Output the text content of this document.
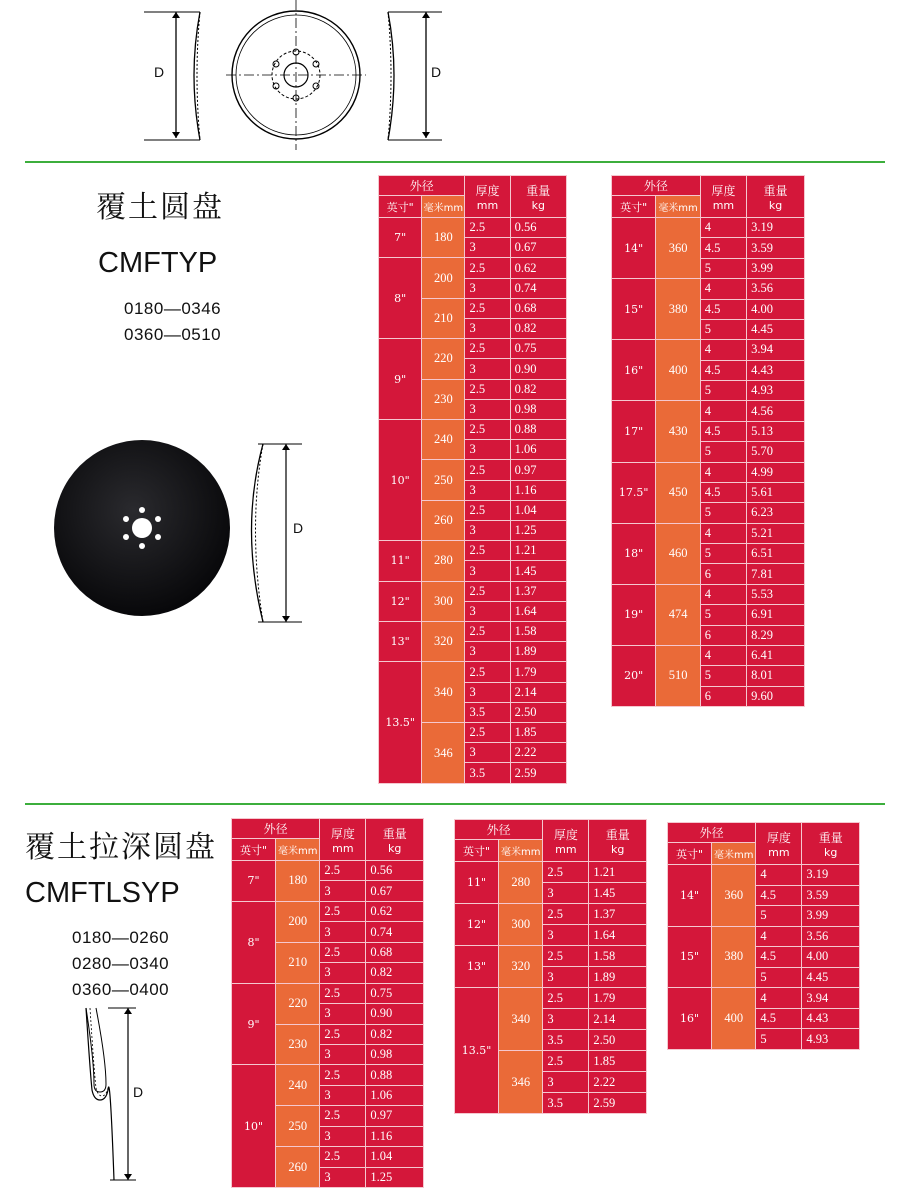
D	D
覆土圆盘
CMFTYP
0180—0346
0360—0510
D
外径		厚度
mm	重量
kg

英寸"	毫米mm		
7"	180	2.5	0.56
		3	0.67
8"	200	2.5	0.62
		3	0.74
	210	2.5	0.68
		3	0.82
9"	220	2.5	0.75
		3	0.90
	230	2.5	0.82
		3	0.98
10"	240	2.5	0.88
		3	1.06
	250	2.5	0.97
		3	1.16
	260	2.5	1.04
		3	1.25
11"	280	2.5	1.21
		3	1.45
12"	300	2.5	1.37
		3	1.64
13"	320	2.5	1.58
		3	1.89
13.5"	340	2.5	1.79
		3	2.14
		3.5	2.50
	346	2.5	1.85
		3	2.22
		3.5	2.59
外径		厚度
mm	重量
kg

英寸"	毫米mm		
14"	360	4	3.19
		4.5	3.59
		5	3.99
15"	380	4	3.56
		4.5	4.00
		5	4.45
16"	400	4	3.94
		4.5	4.43
		5	4.93
17"	430	4	4.56
		4.5	5.13
		5	5.70
17.5"	450	4	4.99
		4.5	5.61
		5	6.23
18"	460	4	5.21
		5	6.51
		6	7.81
19"	474	4	5.53
		5	6.91
		6	8.29
20"	510	4	6.41
		5	8.01
		6	9.60
覆土拉深圆盘
CMFTLSYP
0180—0260
0280—0340
0360—0400
D
外径		厚度
mm	重量
kg

英寸"	毫米mm		
7"	180	2.5	0.56
		3	0.67
8"	200	2.5	0.62
		3	0.74
	210	2.5	0.68
		3	0.82
9"	220	2.5	0.75
		3	0.90
	230	2.5	0.82
		3	0.98
10"	240	2.5	0.88
		3	1.06
	250	2.5	0.97
		3	1.16
	260	2.5	1.04
		3	1.25
外径		厚度
mm	重量
kg

英寸"	毫米mm		
11"	280	2.5	1.21
		3	1.45
12"	300	2.5	1.37
		3	1.64
13"	320	2.5	1.58
		3	1.89
13.5"	340	2.5	1.79
		3	2.14
		3.5	2.50
	346	2.5	1.85
		3	2.22
		3.5	2.59
外径		厚度
mm	重量
kg

英寸"	毫米mm		
14"	360	4	3.19
		4.5	3.59
		5	3.99
15"	380	4	3.56
		4.5	4.00
		5	4.45
16"	400	4	3.94
		4.5	4.43
		5	4.93
